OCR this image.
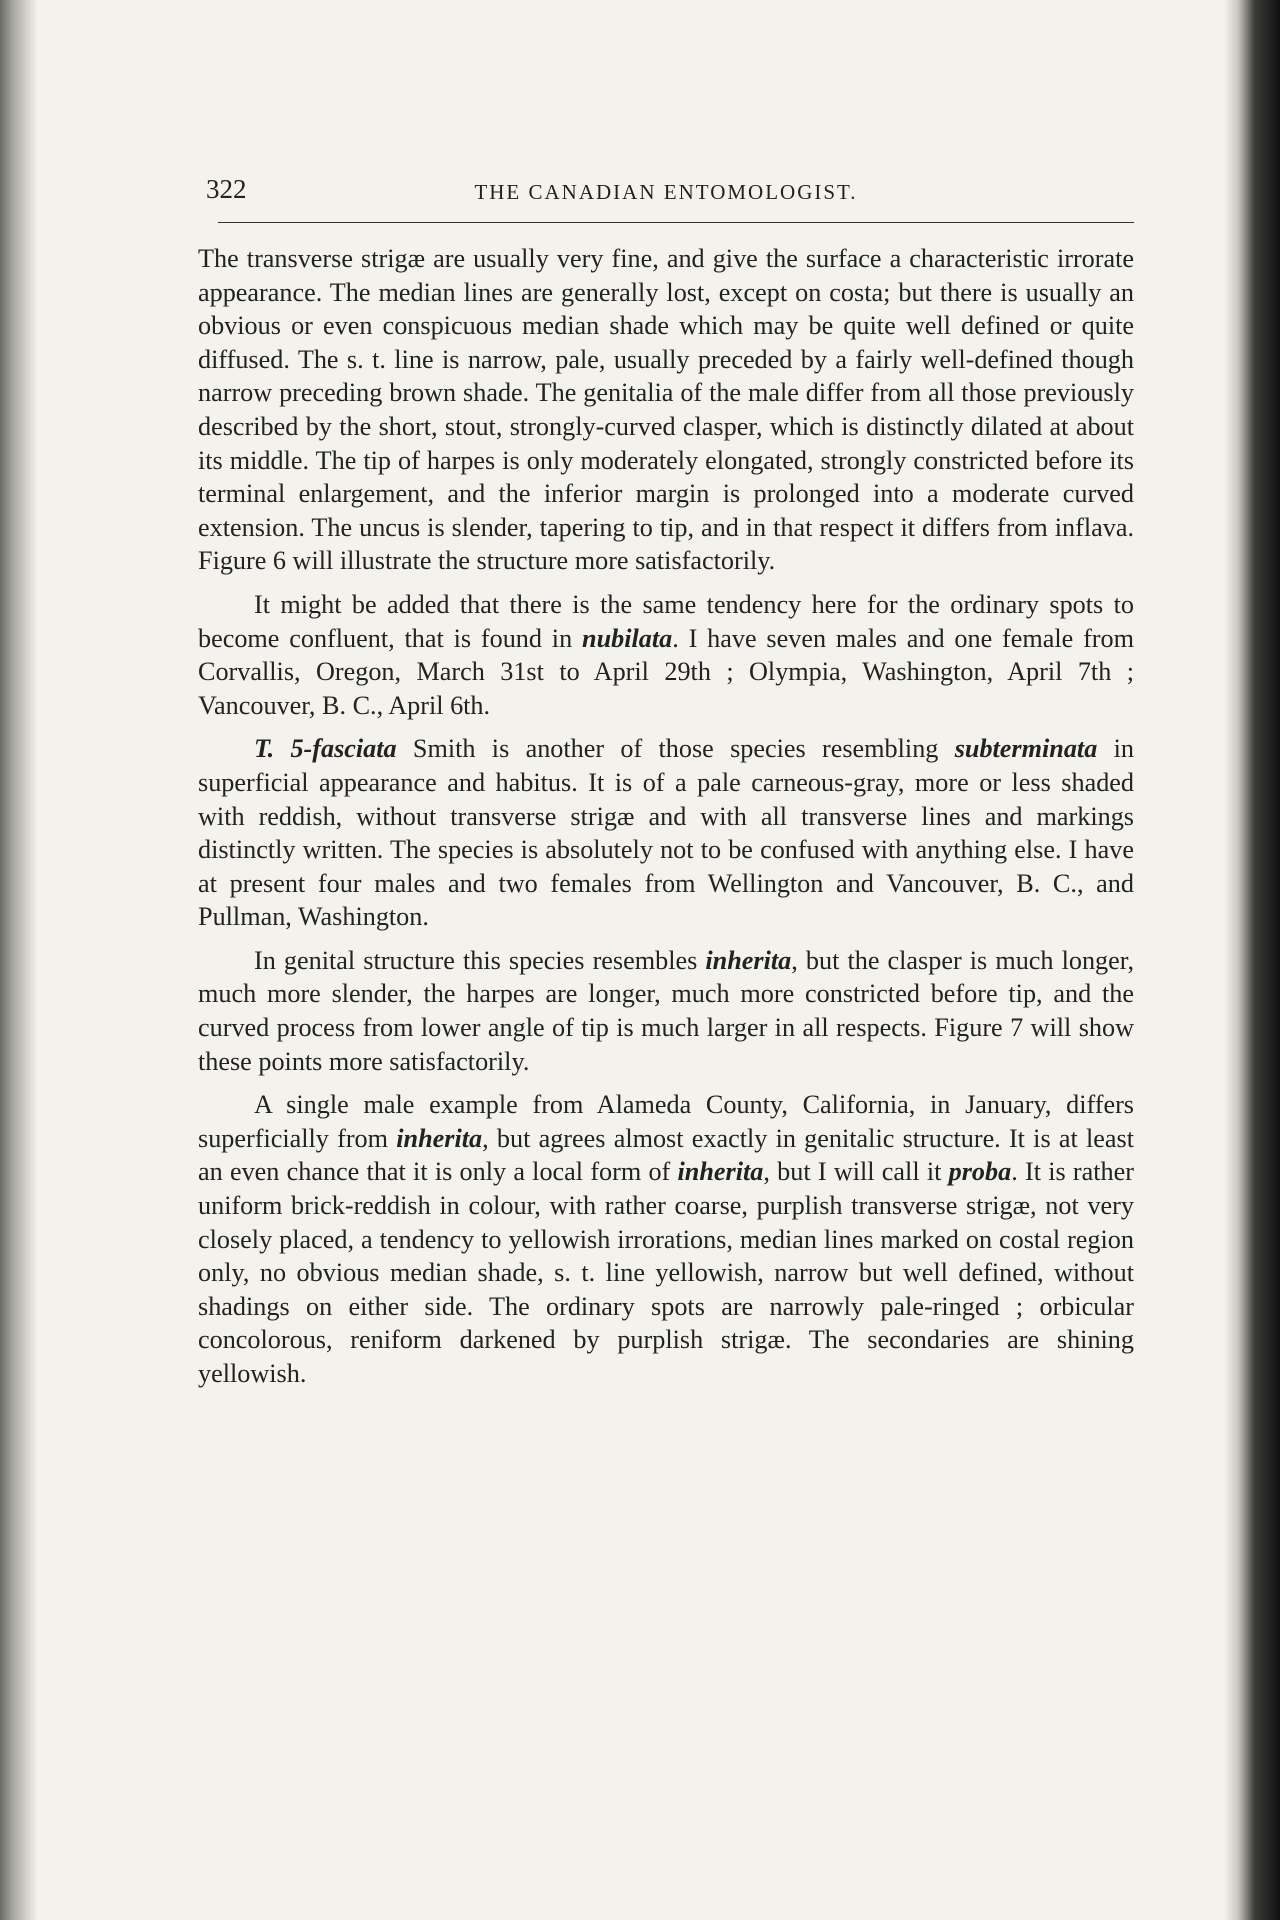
322	THE CANADIAN ENTOMOLOGIST.

The transverse strigæ are usually very fine, and give the surface a characteristic irrorate appearance. The median lines are generally lost, except on costa; but there is usually an obvious or even conspicuous median shade which may be quite well defined or quite diffused. The s. t. line is narrow, pale, usually preceded by a fairly well-defined though narrow preceding brown shade. The genitalia of the male differ from all those previously described by the short, stout, strongly-curved clasper, which is distinctly dilated at about its middle. The tip of harpes is only moderately elongated, strongly constricted before its terminal enlargement, and the inferior margin is prolonged into a moderate curved extension. The uncus is slender, tapering to tip, and in that respect it differs from inflava. Figure 6 will illustrate the structure more satisfactorily.

It might be added that there is the same tendency here for the ordinary spots to become confluent, that is found in nubilata. I have seven males and one female from Corvallis, Oregon, March 31st to April 29th ; Olympia, Washington, April 7th ; Vancouver, B. C., April 6th.

T. 5-fasciata Smith is another of those species resembling subterminata in superficial appearance and habitus. It is of a pale carneous-gray, more or less shaded with reddish, without transverse strigæ and with all transverse lines and markings distinctly written. The species is absolutely not to be confused with anything else. I have at present four males and two females from Wellington and Vancouver, B. C., and Pullman, Washington.

In genital structure this species resembles inherita, but the clasper is much longer, much more slender, the harpes are longer, much more constricted before tip, and the curved process from lower angle of tip is much larger in all respects. Figure 7 will show these points more satisfactorily.

A single male example from Alameda County, California, in January, differs superficially from inherita, but agrees almost exactly in genitalic structure. It is at least an even chance that it is only a local form of inherita, but I will call it proba. It is rather uniform brick-reddish in colour, with rather coarse, purplish transverse strigæ, not very closely placed, a tendency to yellowish irrorations, median lines marked on costal region only, no obvious median shade, s. t. line yellowish, narrow but well defined, without shadings on either side. The ordinary spots are narrowly pale-ringed ; orbicular concolorous, reniform darkened by purplish strigæ. The secondaries are shining yellowish.
